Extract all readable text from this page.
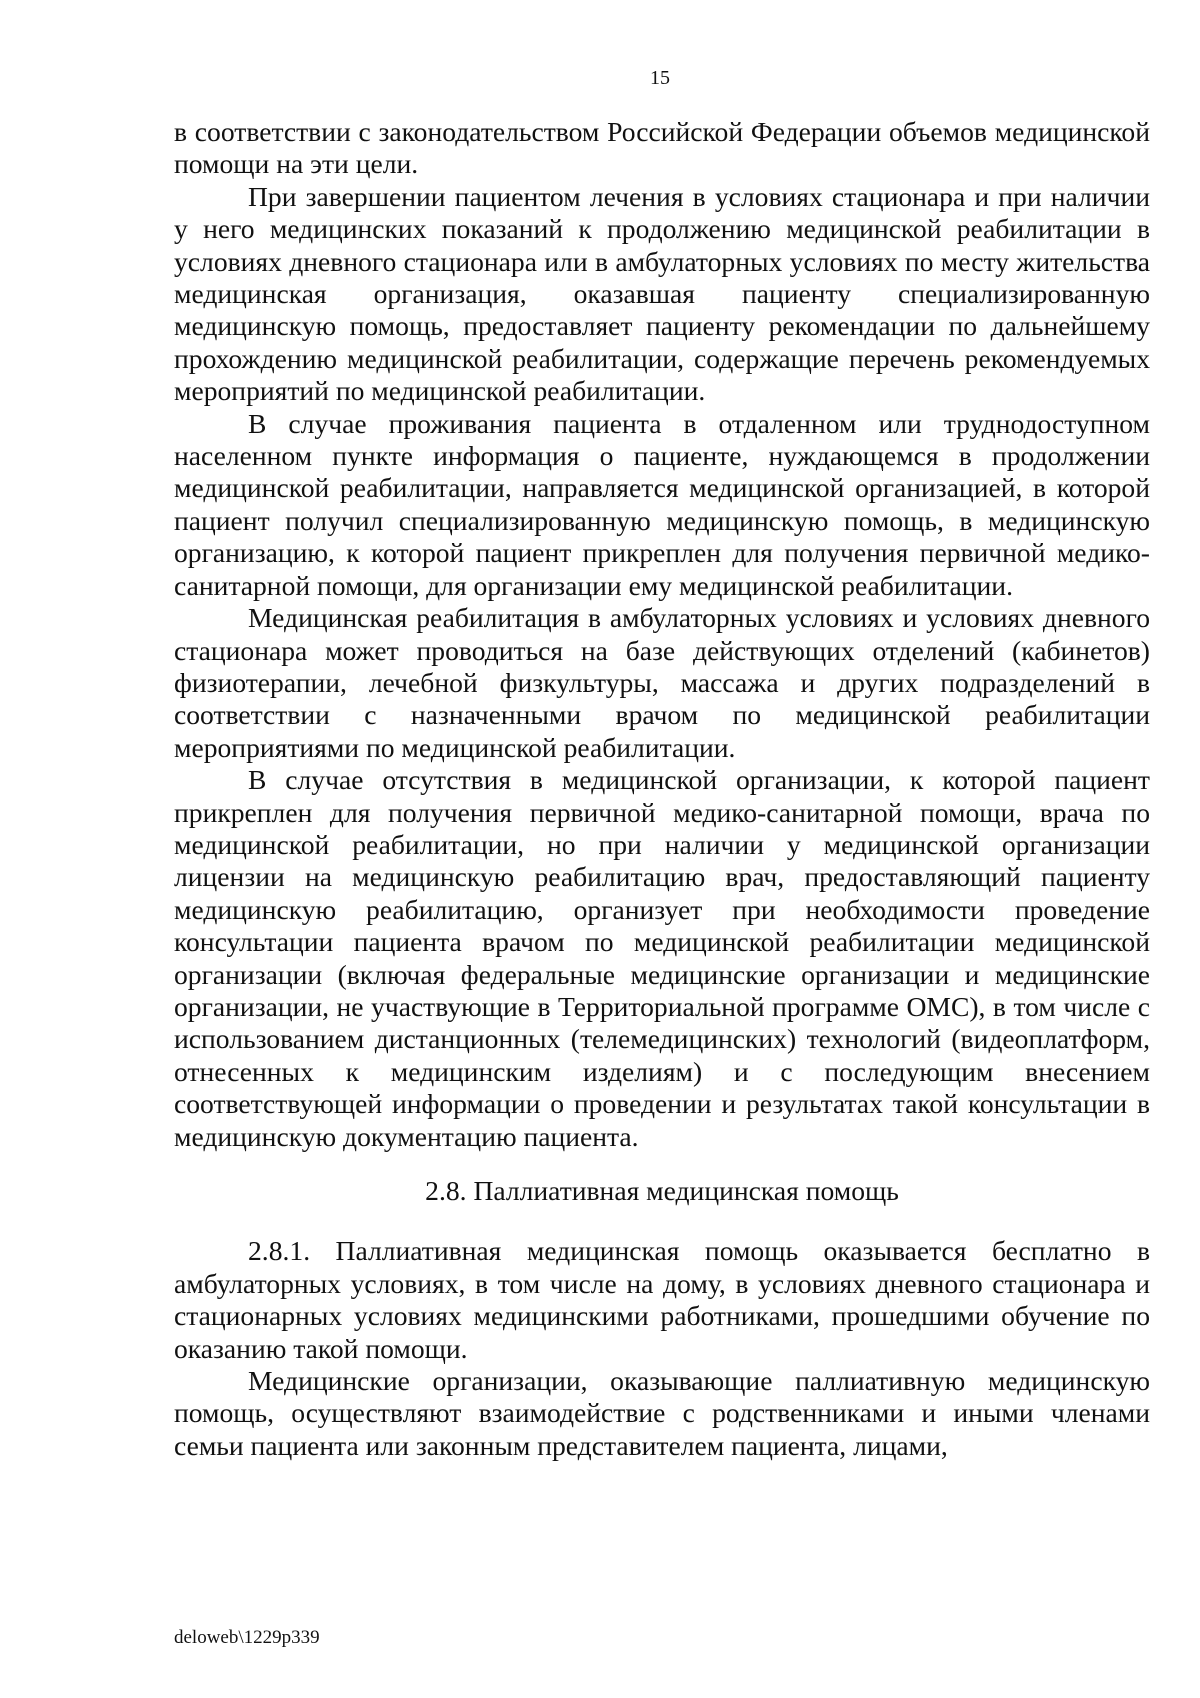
15

в соответствии с законодательством Российской Федерации объемов медицинской помощи на эти цели.

При завершении пациентом лечения в условиях стационара и при наличии у него медицинских показаний к продолжению медицинской реабилитации в условиях дневного стационара или в амбулаторных условиях по месту жительства медицинская организация, оказавшая пациенту специализированную медицинскую помощь, предоставляет пациенту рекомендации по дальнейшему прохождению медицинской реабилитации, содержащие перечень рекомендуемых мероприятий по медицинской реабилитации.

В случае проживания пациента в отдаленном или труднодоступном населенном пункте информация о пациенте, нуждающемся в продолжении медицинской реабилитации, направляется медицинской организацией, в которой пациент получил специализированную медицинскую помощь, в медицинскую организацию, к которой пациент прикреплен для получения первичной медико-санитарной помощи, для организации ему медицинской реабилитации.

Медицинская реабилитация в амбулаторных условиях и условиях дневного стационара может проводиться на базе действующих отделений (кабинетов) физиотерапии, лечебной физкультуры, массажа и других подразделений в соответствии с назначенными врачом по медицинской реабилитации мероприятиями по медицинской реабилитации.

В случае отсутствия в медицинской организации, к которой пациент прикреплен для получения первичной медико-санитарной помощи, врача по медицинской реабилитации, но при наличии у медицинской организации лицензии на медицинскую реабилитацию врач, предоставляющий пациенту медицинскую реабилитацию, организует при необходимости проведение консультации пациента врачом по медицинской реабилитации медицинской организации (включая федеральные медицинские организации и медицинские организации, не участвующие в Территориальной программе ОМС), в том числе с использованием дистанционных (телемедицинских) технологий (видеоплатформ, отнесенных к медицинским изделиям) и с последующим внесением соответствующей информации о проведении и результатах такой консультации в медицинскую документацию пациента.

2.8. Паллиативная медицинская помощь

2.8.1. Паллиативная медицинская помощь оказывается бесплатно в амбулаторных условиях, в том числе на дому, в условиях дневного стационара и стационарных условиях медицинскими работниками, прошедшими обучение по оказанию такой помощи.

Медицинские организации, оказывающие паллиативную медицинскую помощь, осуществляют взаимодействие с родственниками и иными членами семьи пациента или законным представителем пациента, лицами,

deloweb\1229p339
